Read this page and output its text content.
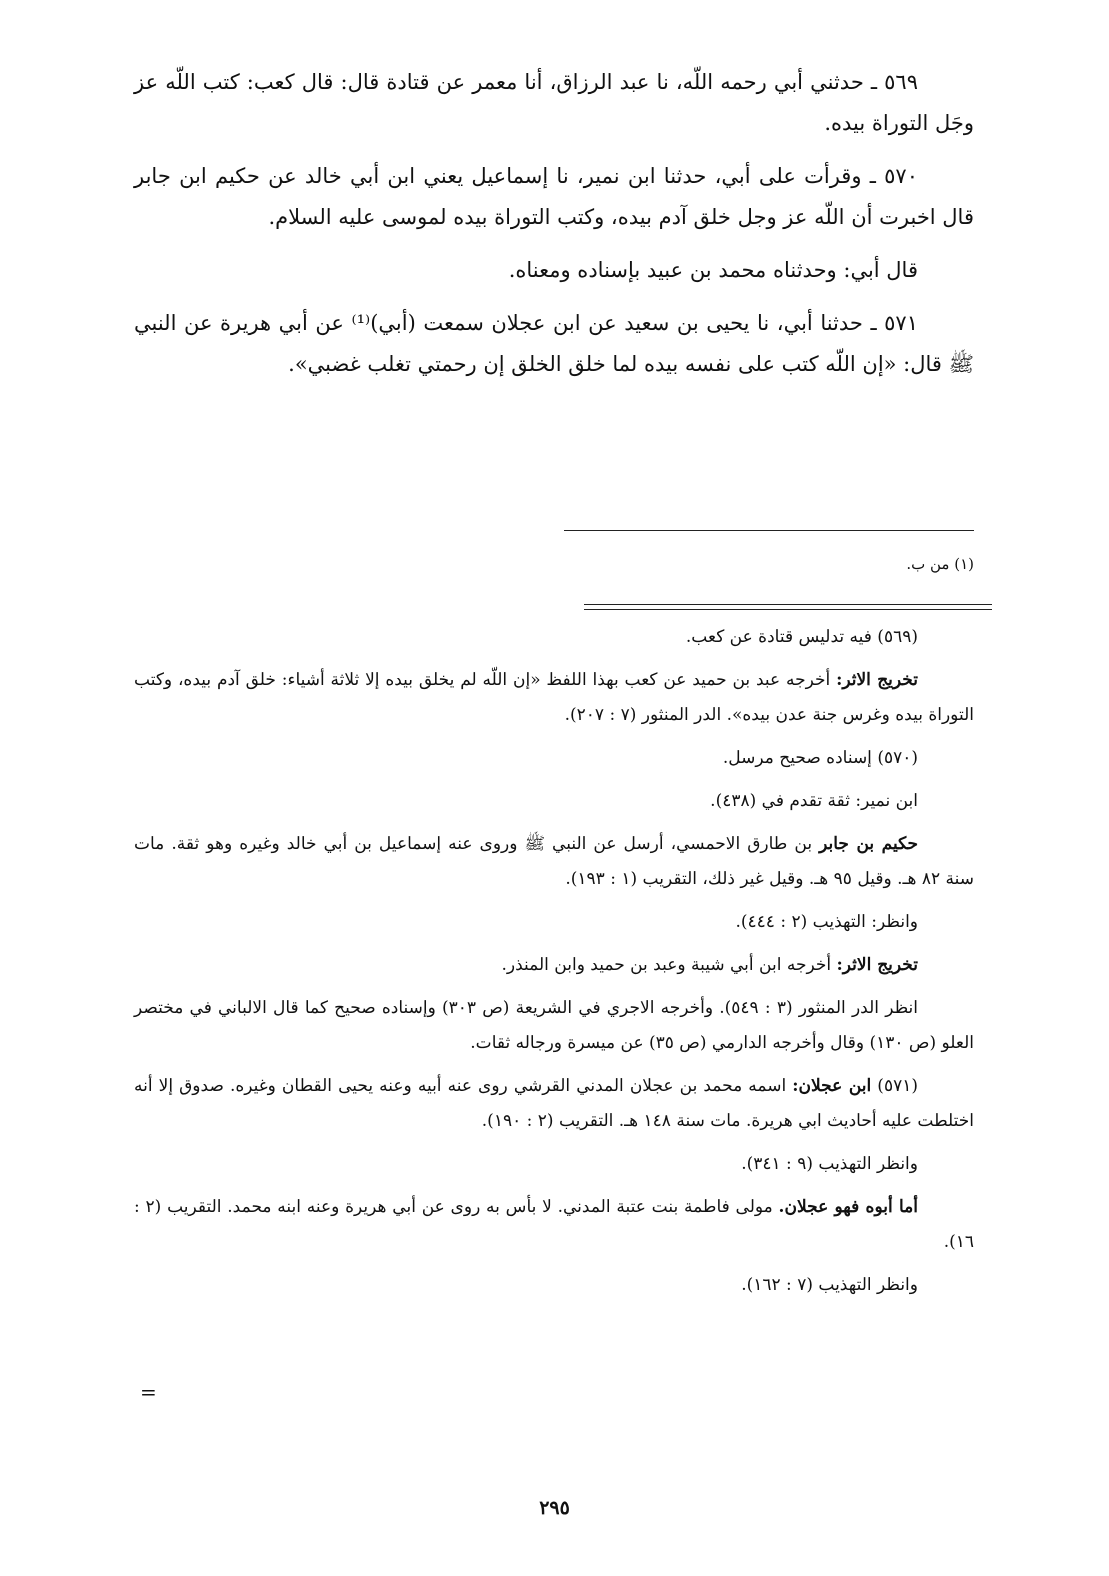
٥٦٩ ـ حدثني أبي رحمه اللّه، نا عبد الرزاق، أنا معمر عن قتادة قال: قال كعب: كتب اللّه عز وجَل التوراة بيده.

٥٧٠ ـ وقرأت على أبي، حدثنا ابن نمير، نا إسماعيل يعني ابن أبي خالد عن حكيم ابن جابر قال اخبرت أن اللّه عز وجل خلق آدم بيده، وكتب التوراة بيده لموسى عليه السلام.

قال أبي: وحدثناه محمد بن عبيد بإسناده ومعناه.

٥٧١ ـ حدثنا أبي، نا يحيى بن سعيد عن ابن عجلان سمعت (أبي)⁽¹⁾ عن أبي هريرة عن النبي ﷺ قال: «إن اللّه كتب على نفسه بيده لما خلق الخلق إن رحمتي تغلب غضبي».

(١) من ب.

(٥٦٩) فيه تدليس قتادة عن كعب.

تخريج الاثر: أخرجه عبد بن حميد عن كعب بهذا اللفظ «إن اللّه لم يخلق بيده إلا ثلاثة أشياء: خلق آدم بيده، وكتب التوراة بيده وغرس جنة عدن بيده». الدر المنثور (٧ : ٢٠٧).

(٥٧٠) إسناده صحيح مرسل.

ابن نمير: ثقة تقدم في (٤٣٨).

حكيم بن جابر بن طارق الاحمسي، أرسل عن النبي ﷺ وروى عنه إسماعيل بن أبي خالد وغيره وهو ثقة. مات سنة ٨٢ هـ. وقيل ٩٥ هـ. وقيل غير ذلك، التقريب (١ : ١٩٣).

وانظر: التهذيب (٢ : ٤٤٤).

تخريج الاثر: أخرجه ابن أبي شيبة وعبد بن حميد وابن المنذر.

انظر الدر المنثور (٣ : ٥٤٩). وأخرجه الاجري في الشريعة (ص ٣٠٣) وإسناده صحيح كما قال الالباني في مختصر العلو (ص ١٣٠) وقال وأخرجه الدارمي (ص ٣٥) عن ميسرة ورجاله ثقات.

(٥٧١) ابن عجلان: اسمه محمد بن عجلان المدني القرشي روى عنه أبيه وعنه يحيى القطان وغيره. صدوق إلا أنه اختلطت عليه أحاديث ابي هريرة. مات سنة ١٤٨ هـ. التقريب (٢ : ١٩٠).

وانظر التهذيب (٩ : ٣٤١).

أما أبوه فهو عجلان. مولى فاطمة بنت عتبة المدني. لا بأس به روى عن أبي هريرة وعنه ابنه محمد. التقريب (٢ : ١٦).

وانظر التهذيب (٧ : ١٦٢).

=
٢٩٥
